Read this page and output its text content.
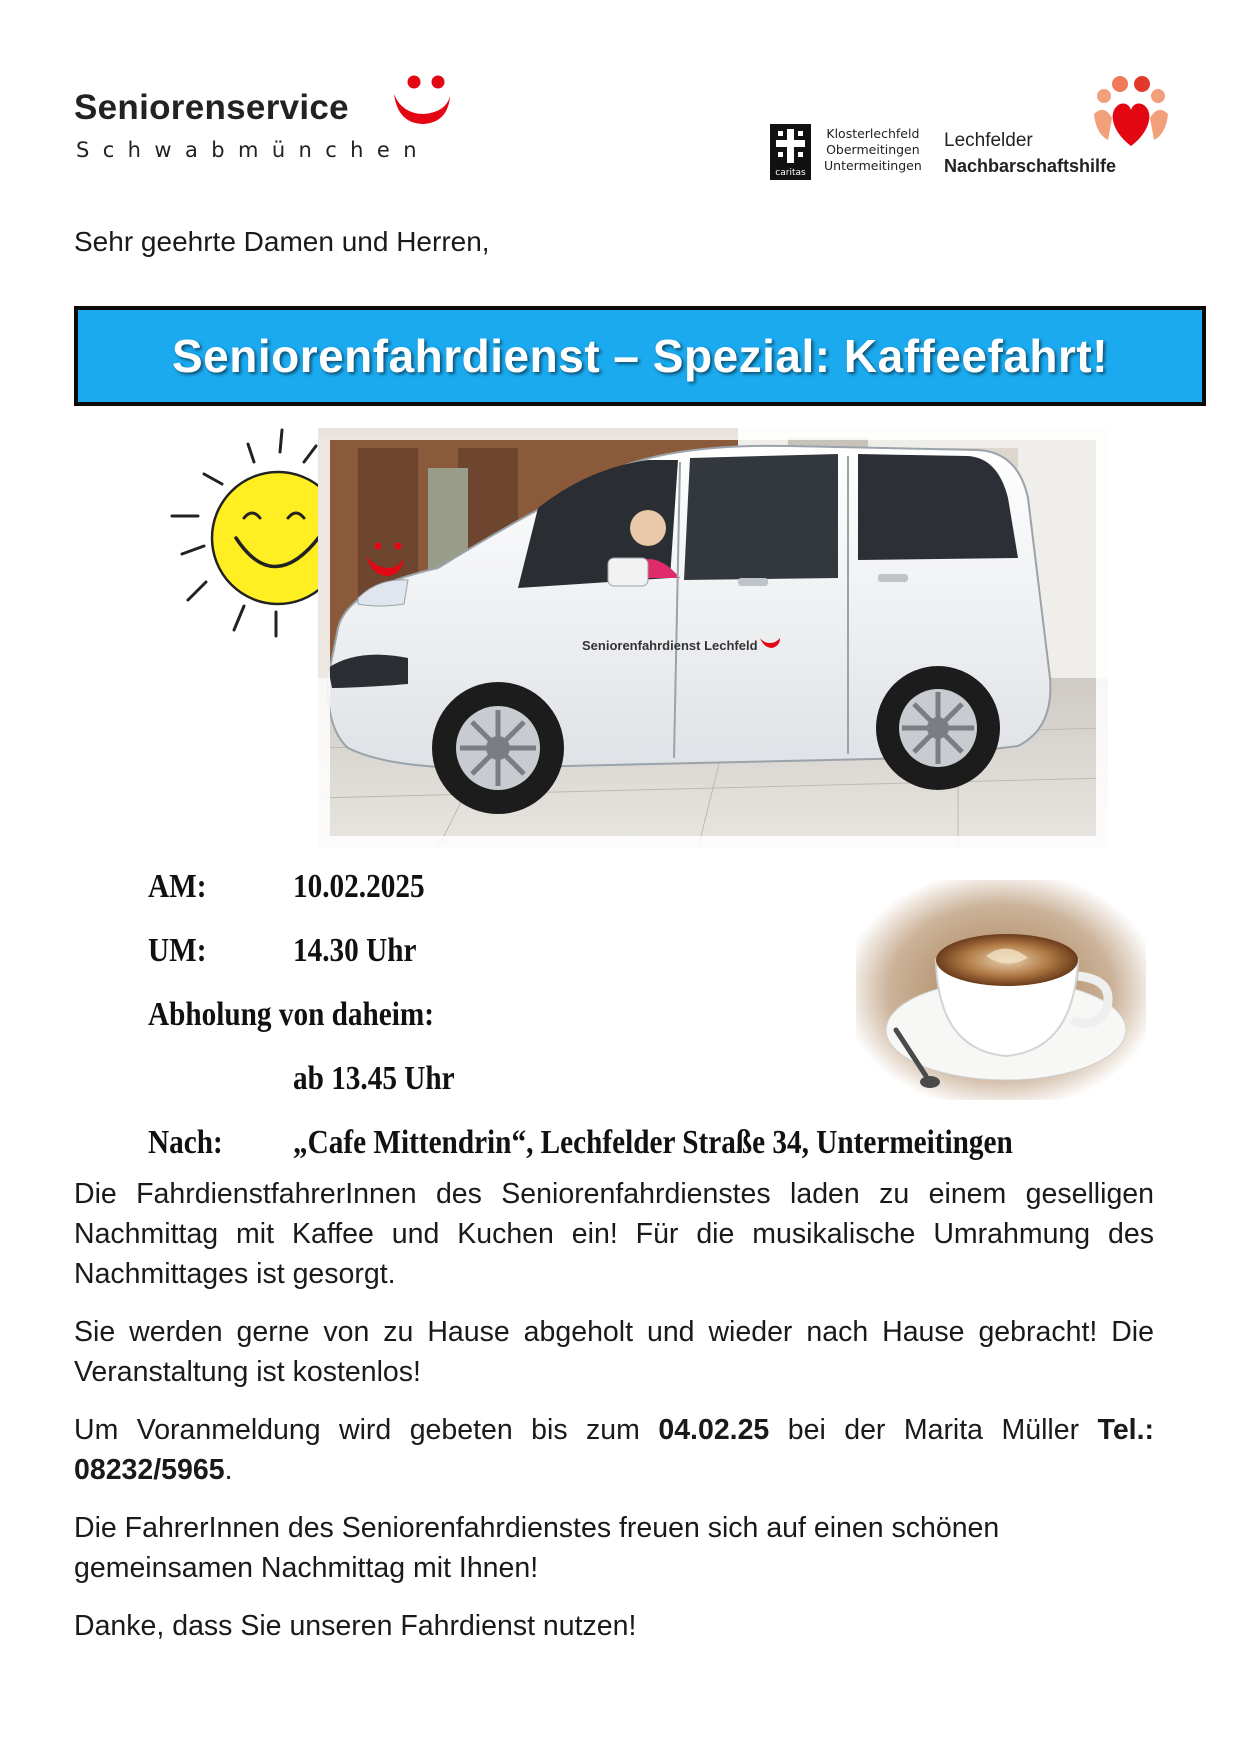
Seniorenservice
Schwabmünchen
caritas
Klosterlechfeld
Obermeitingen
Untermeitingen
Lechfelder
Nachbarschaftshilfe
Sehr geehrte Damen und Herren,
Seniorenfahrdienst – Spezial: Kaffeefahrt!
Seniorenfahrdienst Lechfeld
AM:	10.02.2025
UM:	14.30 Uhr
Abholung von daheim:
ab 13.45 Uhr
Nach: „Cafe Mittendrin“, Lechfelder Straße 34, Untermeitingen

Die FahrdienstfahrerInnen des Seniorenfahrdienstes laden zu einem geselligen Nachmittag mit Kaffee und Kuchen ein! Für die musikalische Umrahmung des Nachmittages ist gesorgt.

Sie werden gerne von zu Hause abgeholt und wieder nach Hause gebracht! Die Veranstaltung ist kostenlos!

Um Voranmeldung wird gebeten bis zum 04.02.25 bei der Marita Müller Tel.: 08232/5965.

Die FahrerInnen des Seniorenfahrdienstes freuen sich auf einen schönen gemeinsamen Nachmittag mit Ihnen!

Danke, dass Sie unseren Fahrdienst nutzen!
